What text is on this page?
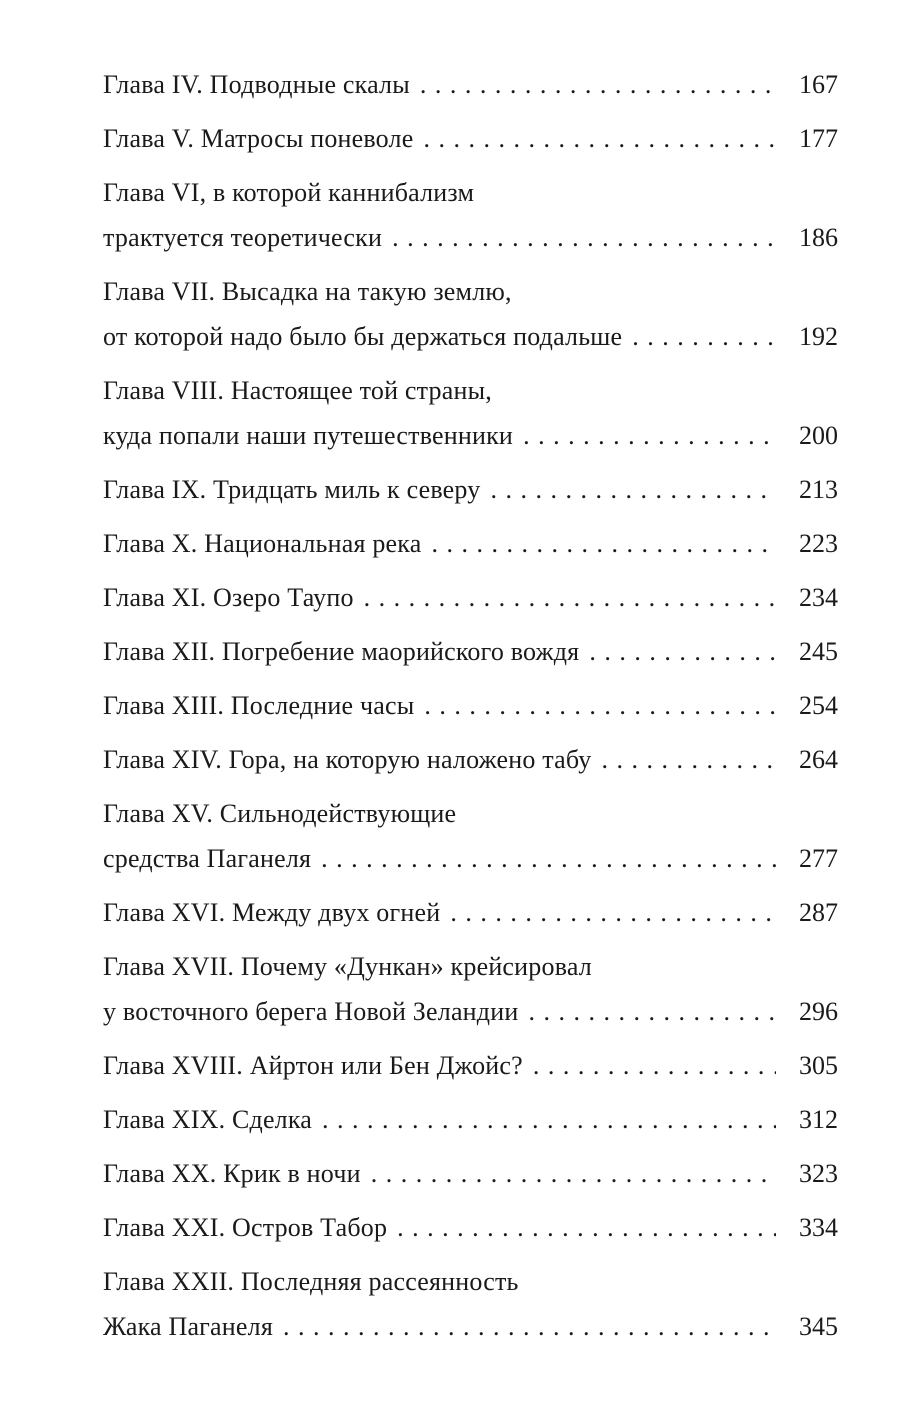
Глава IV. Подводные скалы . . .	167
Глава V. Матросы поневоле . . .	177
Глава VI, в которой каннибализм
трактуется теоретически . . .	186
Глава VII. Высадка на такую землю,
от которой надо было бы держаться подальше . . .	192
Глава VIII. Настоящее той страны,
куда попали наши путешественники . . .	200
Глава IX. Тридцать миль к северу . . .	213
Глава X. Национальная река . . .	223
Глава XI. Озеро Таупо . . .	234
Глава XII. Погребение маорийского вождя . . .	245
Глава XIII. Последние часы . . .	254
Глава XIV. Гора, на которую наложено табу . . .	264
Глава XV. Сильнодействующие
средства Паганеля . . .	277
Глава XVI. Между двух огней . . .	287
Глава XVII. Почему «Дункан» крейсировал
у восточного берега Новой Зеландии . . .	296
Глава XVIII. Айртон или Бен Джойс? . . .	305
Глава XIX. Сделка . . .	312
Глава XX. Крик в ночи . . .	323
Глава XXI. Остров Табор . . .	334
Глава XXII. Последняя рассеянность
Жака Паганеля . . .	345
